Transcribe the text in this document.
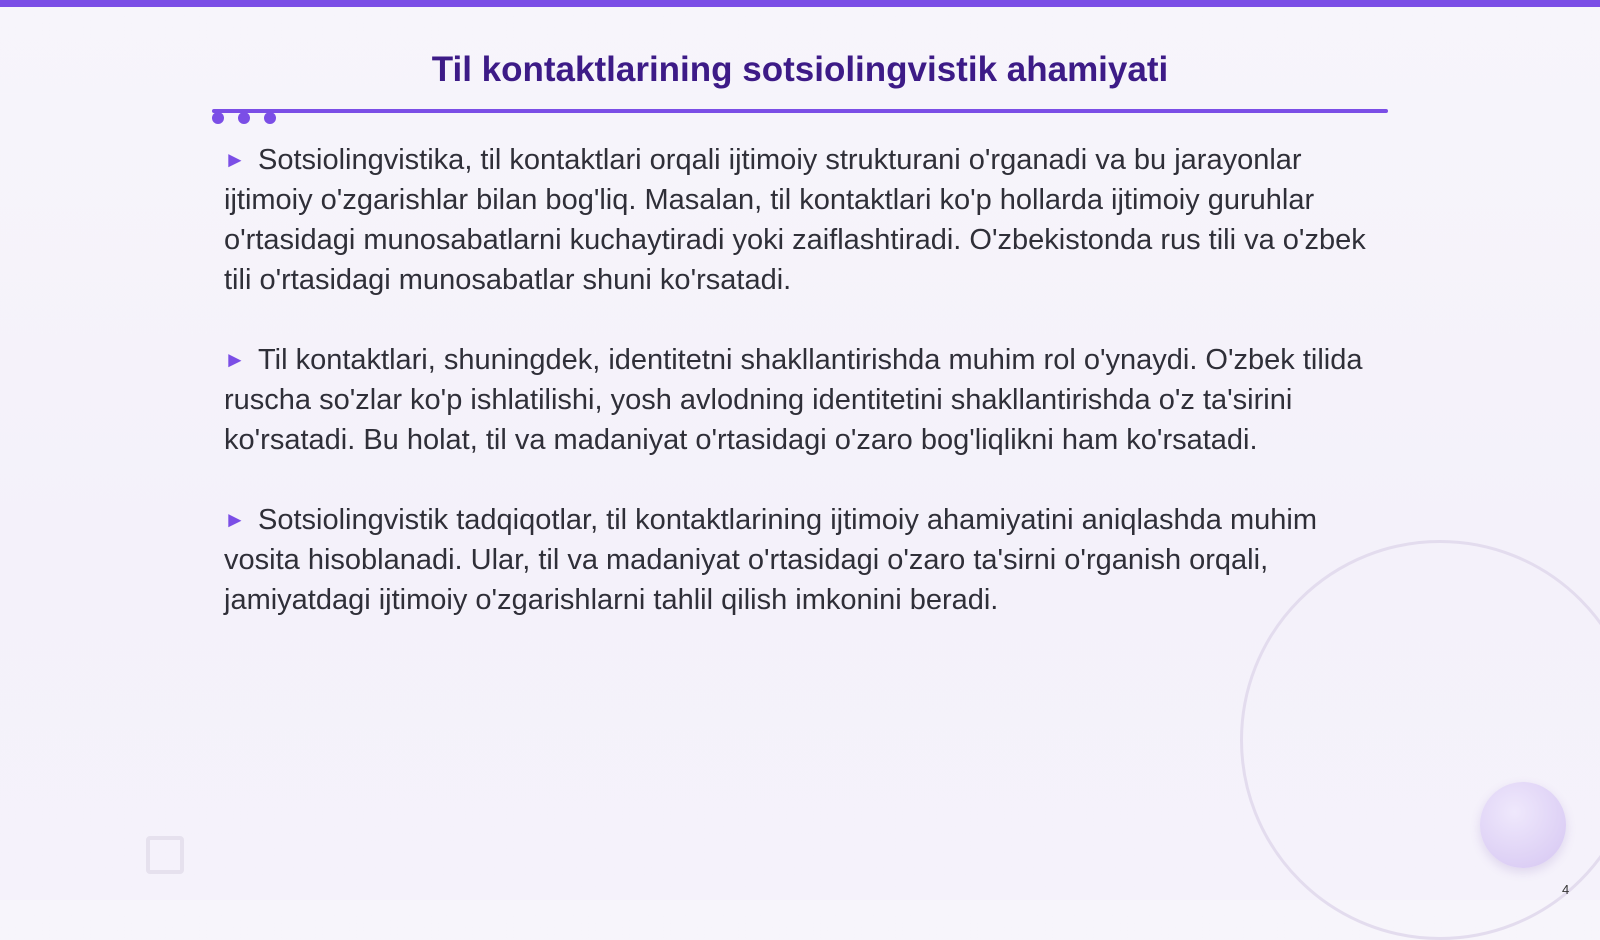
Til kontaktlarining sotsiolingvistik ahamiyati

► Sotsiolingvistika, til kontaktlari orqali ijtimoiy strukturani o'rganadi va bu jarayonlar ijtimoiy o'zgarishlar bilan bog'liq. Masalan, til kontaktlari ko'p hollarda ijtimoiy guruhlar o'rtasidagi munosabatlarni kuchaytiradi yoki zaiflashtiradi. O'zbekistonda rus tili va o'zbek tili o'rtasidagi munosabatlar shuni ko'rsatadi.

► Til kontaktlari, shuningdek, identitetni shakllantirishda muhim rol o'ynaydi. O'zbek tilida ruscha so'zlar ko'p ishlatilishi, yosh avlodning identitetini shakllantirishda o'z ta'sirini ko'rsatadi. Bu holat, til va madaniyat o'rtasidagi o'zaro bog'liqlikni ham ko'rsatadi.

► Sotsiolingvistik tadqiqotlar, til kontaktlarining ijtimoiy ahamiyatini aniqlashda muhim vosita hisoblanadi. Ular, til va madaniyat o'rtasidagi o'zaro ta'sirni o'rganish orqali, jamiyatdagi ijtimoiy o'zgarishlarni tahlil qilish imkonini beradi.

4
